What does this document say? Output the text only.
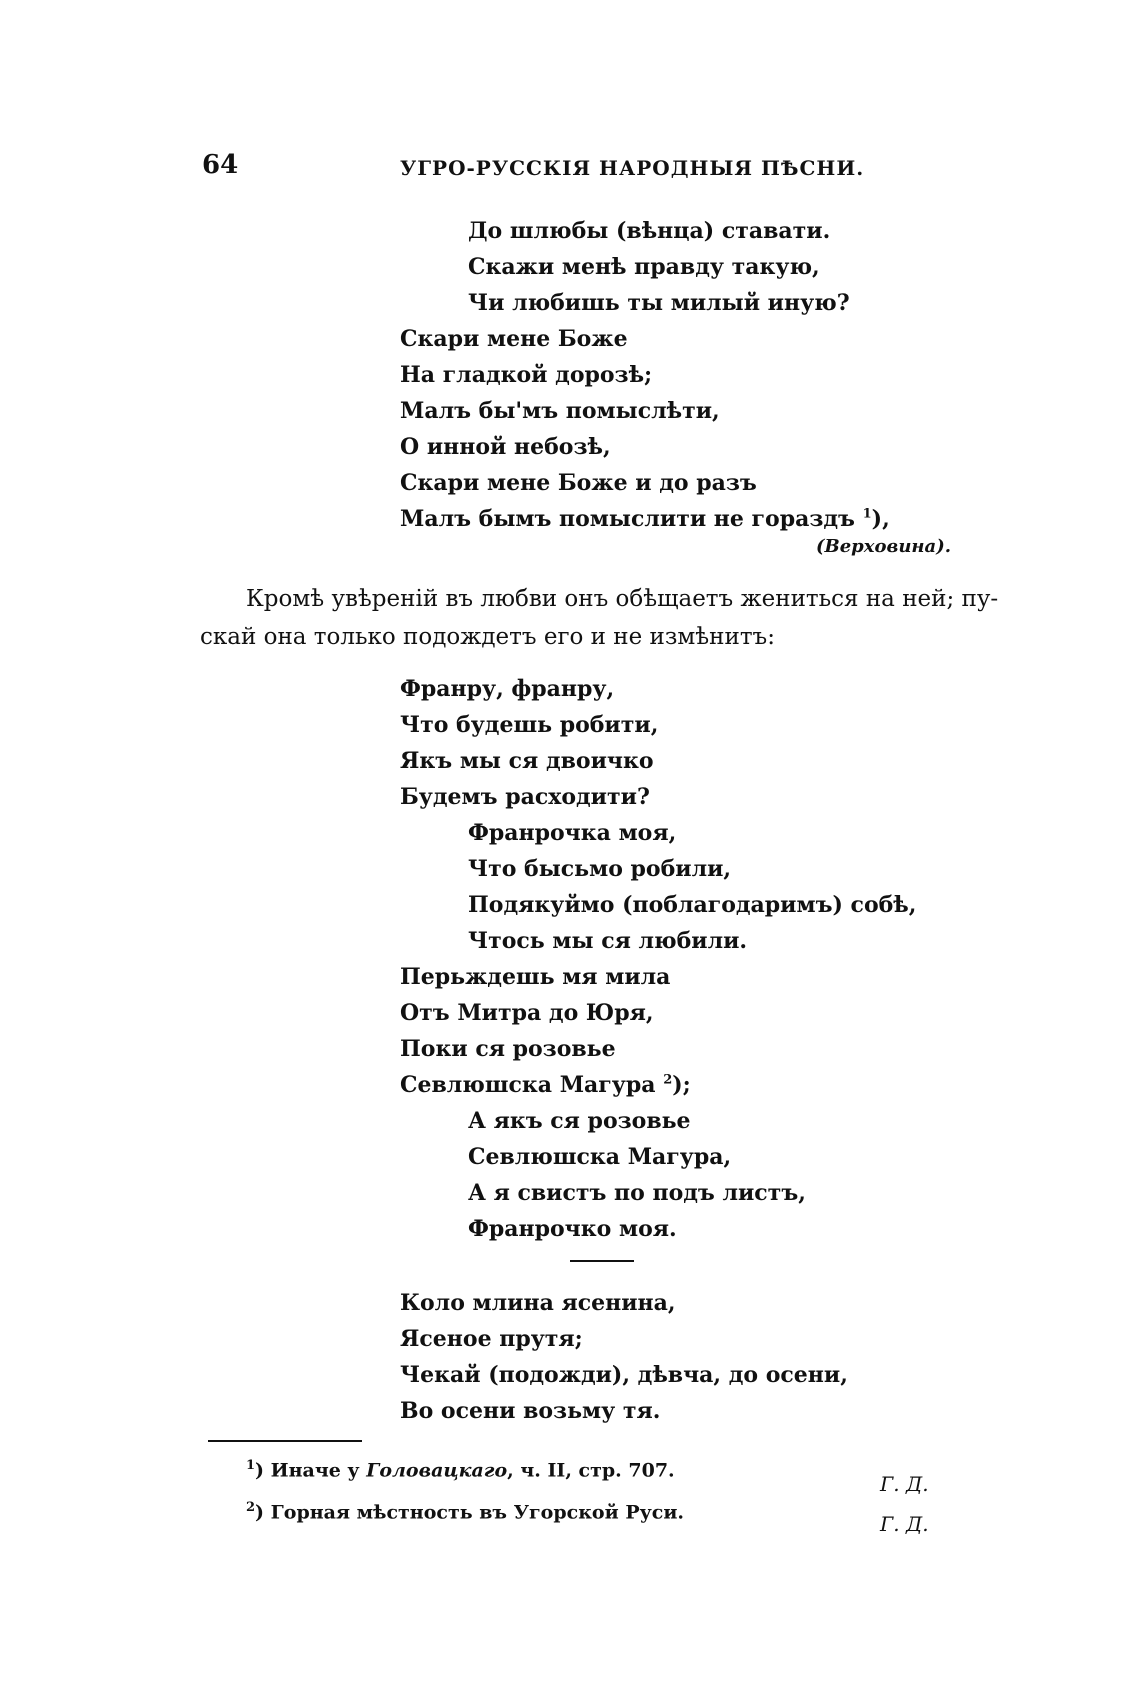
64	УГРО-РУССКІЯ НАРОДНЫЯ ПѢСНИ.
До шлюбы (вѣнца) ставати.
Скажи менѣ правду такую,
Чи любишь ты милый иную?
Скари мене Боже
На гладкой дорозѣ;
Малъ бы'мъ помыслѣти,
О инной небозѣ,
Скари мене Боже и до разъ
Малъ бымъ помыслити не гораздъ $^1$),
(Верховина).
Кромѣ увѣреній въ любви онъ обѣщаетъ жениться на ней; пу-
скай она только подождетъ его и не измѣнитъ:
Франру, франру,
Что будешь робити,
Якъ мы ся двоичко
Будемъ расходити?
Франрочка моя,
Что бысьмо робили,
Подякуймо (поблагодаримъ) собѣ,
Чтось мы ся любили.
Перьждешь мя мила
Отъ Митра до Юря,
Поки ся розовье
Севлюшска Магура $^2$);
А якъ ся розовье
Севлюшска Магура,
А я свистъ по подъ листъ,
Франрочко моя.
Коло млина ясенина,
Ясеное прутя;
Чекай (подожди), дѣвча, до осени,
Во осени возьму тя.
$^1$) Иначе у Головацкаго, ч. II, стр. 707.
Г. Д.
$^2$) Горная мѣстность въ Угорской Руси.	Г. Д.
